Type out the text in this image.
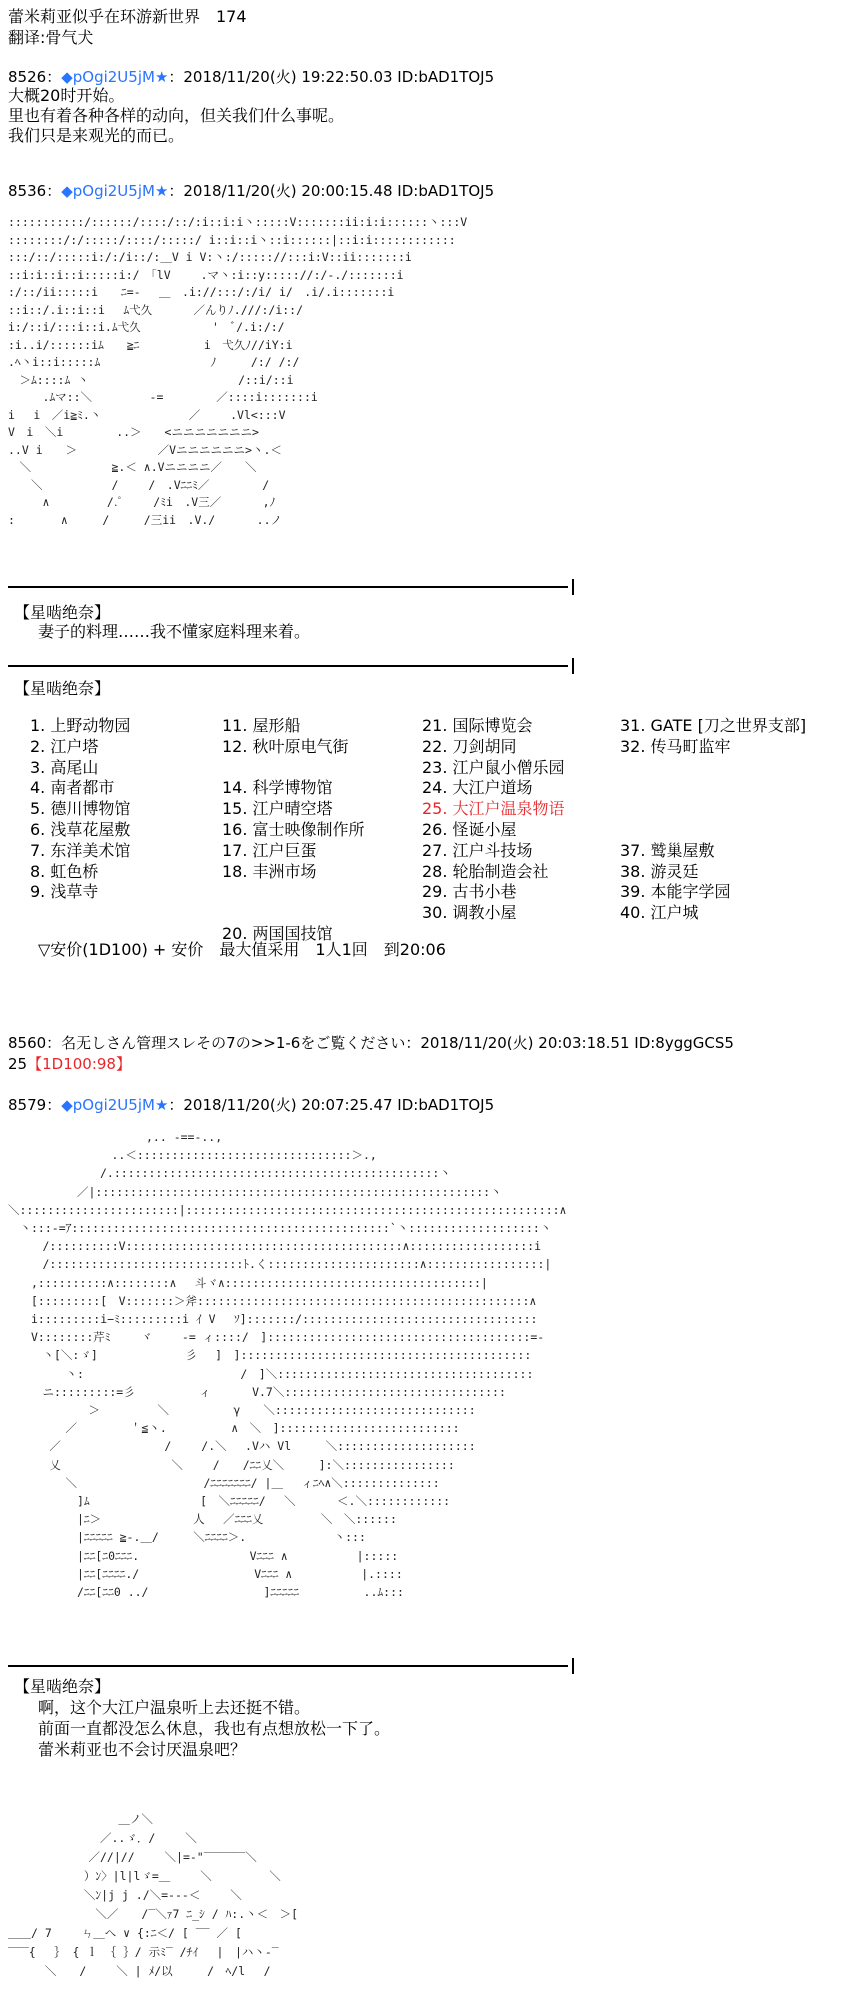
蕾米莉亚似乎在环游新世界　174
翻译:骨气犬
8526：◆pOgi2U5jM★：2018/11/20(火) 19:22:50.03 ID:bAD1TOJ5
大概20时开始。
里也有着各种各样的动向，但关我们什么事呢。
我们只是来观光的而已。
8536：◆pOgi2U5jM★：2018/11/20(火) 20:00:15.48 ID:bAD1TOJ5
:::::::::::/::::::/::::/::/:i::i:i丶:::::V:::::::ii:i:i::::::丶:::V
::::::::/:/:::::/::::/:::::/ i::i::i丶::i::::::|::i:i::::::::::::
:::/::/:::::i:/:/i::/:＿V i V:丶:/::::://:::i:V::ii:::::::i
::i:i::i::i:::::i:/　｢lV　　 .マ丶:i::y::::://:/-./:::::::i
:/::/ii:::::i　　ﾆ=-　 ＿　.i://:::/:/i/ i/　.i/.i:::::::i
::i::/.i::i::i　 ﾑ弋久　　　 ／んりﾉ.///:/i::/
i:/::i/:::i::i.ﾑ弋久　　　　 　 '　ﾞ/.i:/:/
:i..i/::::::iﾑ　　≧ﾆ　　　　　 i　弋久ﾉ//iY:i
.ﾍ丶i::i:::::ﾑ　　　　　　　　　 ﾉ　　　/:/ /:/
　＞ﾑ::::ﾑ 丶　　　　　　　　　　　　　/::i/::i
　　　.ﾑマ::＼　　　　　-=　　　　 ／::::i:::::::i
i　 i　／i≧ﾐ.丶　　　　　　 　／　　 .Vl<:::V
V　i　＼i　　　　 ..＞　　<ニニニニニニニ>
..V i　　＞　　　　　　　／Vニニニニニニ>丶.＜
　＼　　　　　　　≧.＜ ∧.Vニニニニ／　　＼
　　＼　　　　　　/　　 /　.Vﾆﾆﾐ／　　　　 /
　　　∧　　　　　/.ﾟ　　 /ﾐi　.V三／　　　 ,ﾉ
:　　　　∧　　　/　　　/三ii　.V./　　　 ..ノ
【星啮绝奈】
妻子的料理……我不懂家庭料理来着。
【星啮绝奈】
1. 上野动物园
2. 江户塔
3. 高尾山
4. 南者都市
5. 德川博物馆
6. 浅草花屋敷
7. 东洋美术馆
8. 虹色桥
9. 浅草寺
11. 屋形船
12. 秋叶原电气街
14. 科学博物馆
15. 江户晴空塔
16. 富士映像制作所
17. 江户巨蛋
18. 丰洲市场
20. 两国国技馆
21. 国际博览会
22. 刀剑胡同
23. 江户鼠小僧乐园
24. 大江户道场
25. 大江户温泉物语
26. 怪诞小屋
27. 江户斗技场
28. 轮胎制造会社
29. 古书小巷
30. 调教小屋
31. GATE [刀之世界支部]
32. 传马町监牢
37. 鹫巢屋敷
38. 游灵廷
39. 本能字学园
40. 江户城
▽安价(1D100) + 安价　最大值采用　1人1回　到20:06
8560：名无しさん管理スレその7の>>1-6をご覧ください：2018/11/20(火) 20:03:18.51 ID:8yggGCS5
25【1D100:98】
8579：◆pOgi2U5jM★：2018/11/20(火) 20:07:25.47 ID:bAD1TOJ5
　　　　　　　　　　　　,.. -==-..,
　　　　　　　　　..＜:::::::::::::::::::::::::::::::＞.,
　　　　　　　　/.:::::::::::::::::::::::::::::::::::::::::::::::丶
　　　　　　／|:::::::::::::::::::::::::::::::::::::::::::::::::::::::::丶
＼:::::::::::::::::::::::|::::::::::::::::::::::::::::::::::::::::::::::::::::::∧
　丶:::-=ｱ::::::::::::::::::::::::::::::::::::::::::::::`丶:::::::::::::::::::丶
　　　/::::::::::V::::::::::::::::::::::::::::::::::::::::∧::::::::::::::::::i
　　　/::::::::::::::::::::::::::::ﾄ.く::::::::::::::::::::::∧:::::::::::::::::|
　　,::::::::::∧::::::::∧　 斗ヾ∧:::::::::::::::::::::::::::::::::::::|
　　[:::::::::[　V:::::::＞斧::::::::::::::::::::::::::::::::::::::::::::::::∧
　　i:::::::::i−ﾐ:::::::::i ｲ V　 ｿ]:::::::/::::::::::::::::::::::::::::::::::
　　V::::::::芹ﾐ　　 ヾ　　 -= ィ::::/　]::::::::::::::::::::::::::::::::::::::=-
　　　丶[＼:ゞ]　　　　　　　 彡　 ]　]::::::::::::::::::::::::::::::::::::::::::
　　　　　丶:　　　　　　　　　　　　　 /　]＼:::::::::::::::::::::::::::::::::::::
　　　ニ:::::::::=彡　　　　　 ィ　　　 V.7＼::::::::::::::::::::::::::::::::
　　　　　　　＞　　　　　＼　　　　　 γ　　＼:::::::::::::::::::::::::::::
　　　　　／　　　　 ＇≦丶.　　　　　 ∧　＼　]::::::::::::::::::::::::::
　　　 ／　　　　　　　　　/　　 /.＼　 .Vハ Vl　　　＼::::::::::::::::::::
　　　 乂　　　　　　　　　 ＼　　 /　　/ﾆﾆ乂＼　　　]:＼::::::::::::::::
　　　　　＼　　　　　　　　　　　/ﾆﾆﾆﾆﾆﾆﾆ/ |＿　 ィﾆﾍ∧＼::::::::::::::
　　　　　　]ﾑ　　　　　　　　　 [　＼ﾆﾆﾆﾆﾆ/ 　＼　　　 ＜.＼::::::::::::
　　　　　　|ﾆ＞　　　　　　　　人　 ／ﾆﾆﾆ乂　　　　　＼　＼::::::
　　　　　　|ﾆﾆﾆﾆﾆ ≧-.＿/　　　＼ﾆﾆﾆﾆ＞.　　　　　　　 丶:::
　　　　　　|ﾆﾆ[ﾆ0ﾆﾆﾆ.　　　　　　　　　 Vﾆﾆﾆ ∧　　　　　　|:::::
　　　　　　|ﾆﾆ[ﾆﾆﾆﾆ./　　　　　　　　　　Vﾆﾆﾆ ∧　　　　　　|.::::
　　　　　　/ﾆﾆ[ﾆﾆ0 ../　　　　　　　　　　]ﾆﾆﾆﾆﾆ　　　　　 ..ﾑ:::
【星啮绝奈】
啊，这个大江户温泉听上去还挺不错。
前面一直都没怎么休息，我也有点想放松一下了。
蕾米莉亚也不会讨厌温泉吧？
　　　　　　　　　 ＿ノ＼
　　　　　　　　／..ゞ．/　　 ＼
　　　　　　　／//|//　　 ＼|=-"‾‾‾‾‾‾＼
　　　　　　 ）ﾝ〉|l|lゞ=＿　　 ＼　　　　　＼
　　　　　　 ＼ﾝ|j j ./＼=---＜　　 ＼
　　　　　　　 ＼／　　/‾＼ｧ7 ﾆ_ｼ / ﾊ:.丶＜　＞[
＿＿/ 7　　 ㄣ＿へ ∨ {:ﾆ＜/ [ ‾‾ ／ [
‾‾‾{　 ｝ { ｌ ｛ ｝/ 示ﾐ‾ /ﾁｲ　 |　|ハ丶-‾
　　  ＼　　/　　 ＼ | ﾒ/以　　　/　ﾍ/l　 /
